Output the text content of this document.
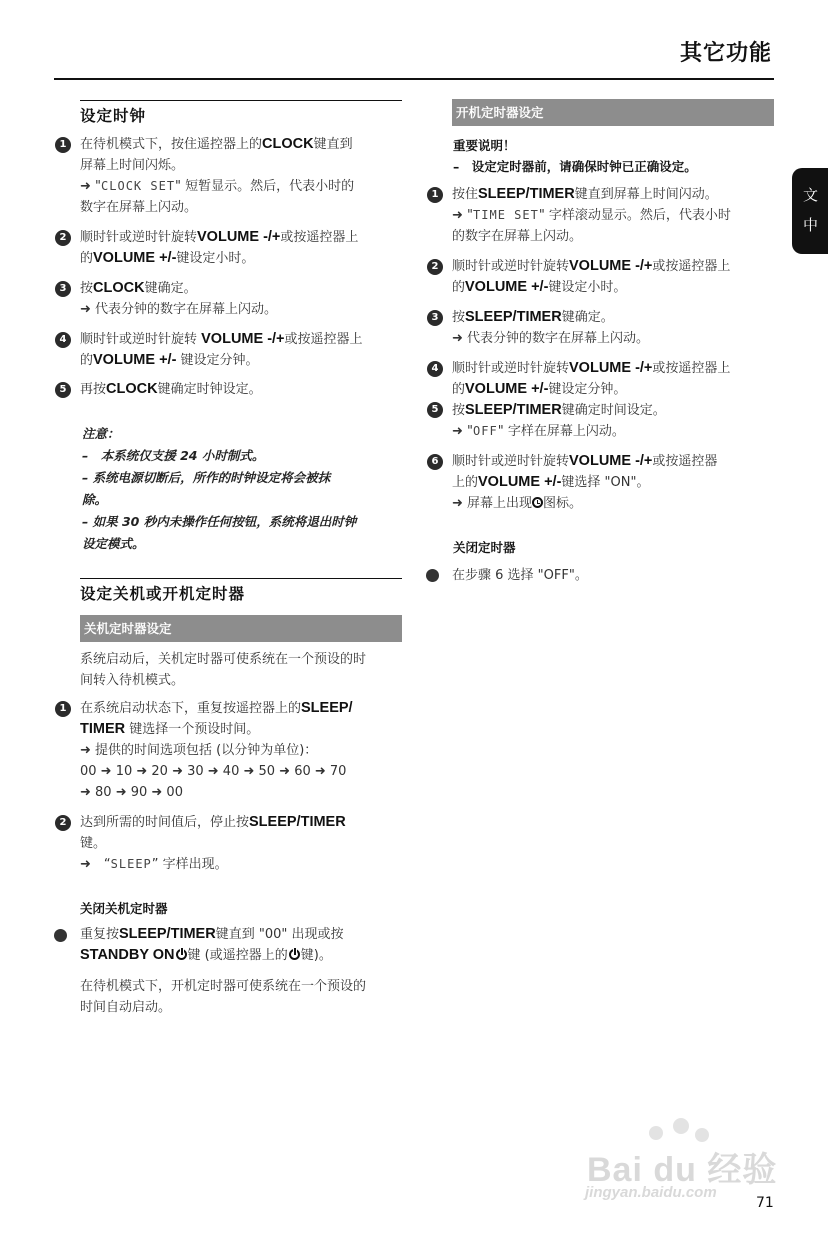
其它功能
文
中
设定时钟
1	在待机模式下，按住遥控器上的CLOCK键直到
屏幕上时间闪烁。
➜ "CLOCK SET" 短暂显示。然后，代表小时的
数字在屏幕上闪动。
2	顺时针或逆时针旋转VOLUME -/+或按遥控器上
的VOLUME +/-键设定小时。
3	按CLOCK键确定。
➜ 代表分钟的数字在屏幕上闪动。
4	顺时针或逆时针旋转 VOLUME -/+或按遥控器上
的VOLUME +/- 键设定分钟。
5	再按CLOCK键确定时钟设定。
注意：
–　本系统仅支援 24 小时制式。
– 系统电源切断后，所作的时钟设定将会被抹
除。
– 如果 30 秒内未操作任何按钮，系统将退出时钟
设定模式。
设定关机或开机定时器
关机定时器设定
系统启动后，关机定时器可使系统在一个预设的时
间转入待机模式。
1	在系统启动状态下，重复按遥控器上的SLEEP/
TIMER 键选择一个预设时间。
➜ 提供的时间选项包括 (以分钟为单位)：
00 ➜ 10 ➜ 20 ➜ 30 ➜ 40 ➜ 50 ➜ 60 ➜ 70
➜ 80 ➜ 90 ➜ 00
2	达到所需的时间值后，停止按SLEEP/TIMER
键。
➜　“SLEEP” 字样出现。
关闭关机定时器
重复按SLEEP/TIMER键直到 "00" 出现或按
STANDBY ON 键 (或遥控器上的 键)。
在待机模式下，开机定时器可使系统在一个预设的
时间自动启动。
开机定时器设定
重要说明！
–　设定定时器前，请确保时钟已正确设定。
1	按住SLEEP/TIMER键直到屏幕上时间闪动。
➜ "TIME SET" 字样滚动显示。然后，代表小时
的数字在屏幕上闪动。
2	顺时针或逆时针旋转VOLUME -/+或按遥控器上
的VOLUME +/-键设定小时。
3	按SLEEP/TIMER键确定。
➜ 代表分钟的数字在屏幕上闪动。
4	顺时针或逆时针旋转VOLUME -/+或按遥控器上
的VOLUME +/-键设定分钟。
5	按SLEEP/TIMER键确定时间设定。
➜ "OFF" 字样在屏幕上闪动。
6	顺时针或逆时针旋转VOLUME -/+或按遥控器
上的VOLUME +/-键选择 "ON"。
➜ 屏幕上出现 图标。
关闭定时器
在步骤 6 选择 "OFF"。
Bai du 经验
jingyan.baidu.com
71
